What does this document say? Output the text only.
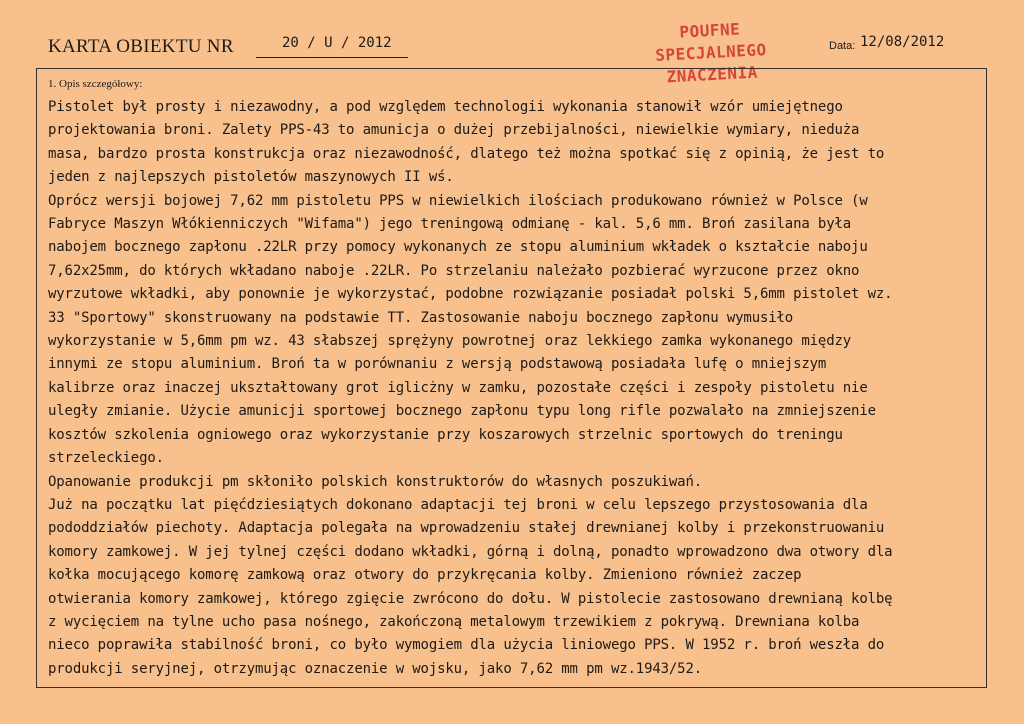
KARTA OBIEKTU NR	20 / U / 2012
POUFNE
SPECJALNEGO
ZNACZENIA
Data: 12/08/2012
1. Opis szczegółowy:
Pistolet był prosty i niezawodny, a pod względem technologii wykonania stanowił wzór umiejętnego
projektowania broni. Zalety PPS-43 to amunicja o dużej przebijalności, niewielkie wymiary, nieduża
masa, bardzo prosta konstrukcja oraz niezawodność, dlatego też można spotkać się z opinią, że jest to
jeden z najlepszych pistoletów maszynowych II wś.
Oprócz wersji bojowej 7,62 mm pistoletu PPS w niewielkich ilościach produkowano również w Polsce (w
Fabryce Maszyn Włókienniczych "Wifama") jego treningową odmianę - kal. 5,6 mm. Broń zasilana była
nabojem bocznego zapłonu .22LR przy pomocy wykonanych ze stopu aluminium wkładek o kształcie naboju
7,62x25mm, do których wkładano naboje .22LR. Po strzelaniu należało pozbierać wyrzucone przez okno
wyrzutowe wkładki, aby ponownie je wykorzystać, podobne rozwiązanie posiadał polski 5,6mm pistolet wz.
33 "Sportowy" skonstruowany na podstawie TT. Zastosowanie naboju bocznego zapłonu wymusiło
wykorzystanie w 5,6mm pm wz. 43 słabszej sprężyny powrotnej oraz lekkiego zamka wykonanego między
innymi ze stopu aluminium. Broń ta w porównaniu z wersją podstawową posiadała lufę o mniejszym
kalibrze oraz inaczej ukształtowany grot iglicżny w zamku, pozostałe części i zespoły pistoletu nie
uległy zmianie. Użycie amunicji sportowej bocznego zapłonu typu long rifle pozwalało na zmniejszenie
kosztów szkolenia ogniowego oraz wykorzystanie przy koszarowych strzelnic sportowych do treningu
strzeleckiego.
Opanowanie produkcji pm skłoniło polskich konstruktorów do własnych poszukiwań.
Już na początku lat pięćdziesiątych dokonano adaptacji tej broni w celu lepszego przystosowania dla
pododdziałów piechoty. Adaptacja polegała na wprowadzeniu stałej drewnianej kolby i przekonstruowaniu
komory zamkowej. W jej tylnej części dodano wkładki, górną i dolną, ponadto wprowadzono dwa otwory dla
kołka mocującego komorę zamkową oraz otwory do przykręcania kolby. Zmieniono również zaczep
otwierania komory zamkowej, którego zgięcie zwrócono do dołu. W pistolecie zastosowano drewnianą kolbę
z wycięciem na tylne ucho pasa nośnego, zakończoną metalowym trzewikiem z pokrywą. Drewniana kolba
nieco poprawiła stabilność broni, co było wymogiem dla użycia liniowego PPS. W 1952 r. broń weszła do
produkcji seryjnej, otrzymując oznaczenie w wojsku, jako 7,62 mm pm wz.1943/52.
